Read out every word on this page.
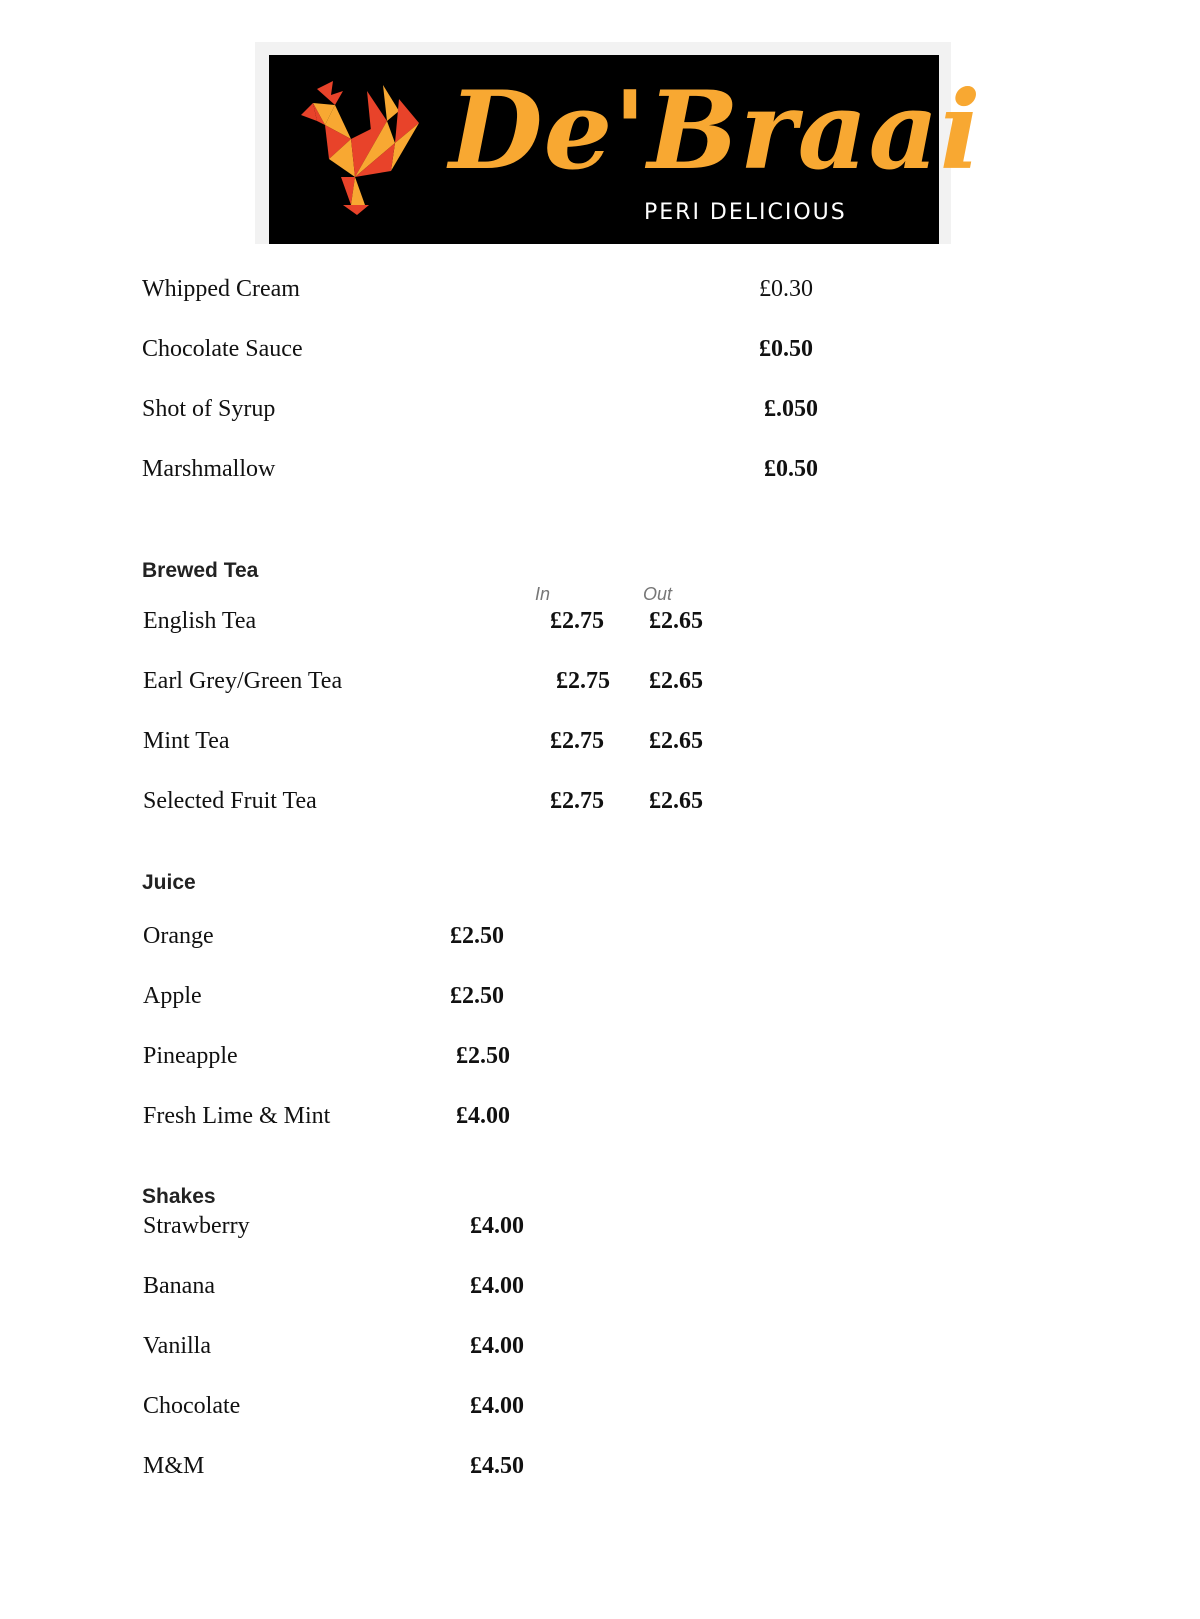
De'Braai
PERI DELICIOUS
Whipped Cream	£0.30
Chocolate Sauce	£0.50
Shot of Syrup	£.050
Marshmallow	£0.50
Brewed Tea
In	Out
English Tea	£2.75 £2.65
Earl Grey/Green Tea	£2.75 £2.65
Mint Tea	£2.75 £2.65
Selected Fruit Tea	£2.75 £2.65
Juice
Orange	£2.50
Apple	£2.50
Pineapple	£2.50
Fresh Lime & Mint	£4.00
Shakes
Strawberry	£4.00
Banana	£4.00
Vanilla	£4.00
Chocolate	£4.00
M&M	£4.50
